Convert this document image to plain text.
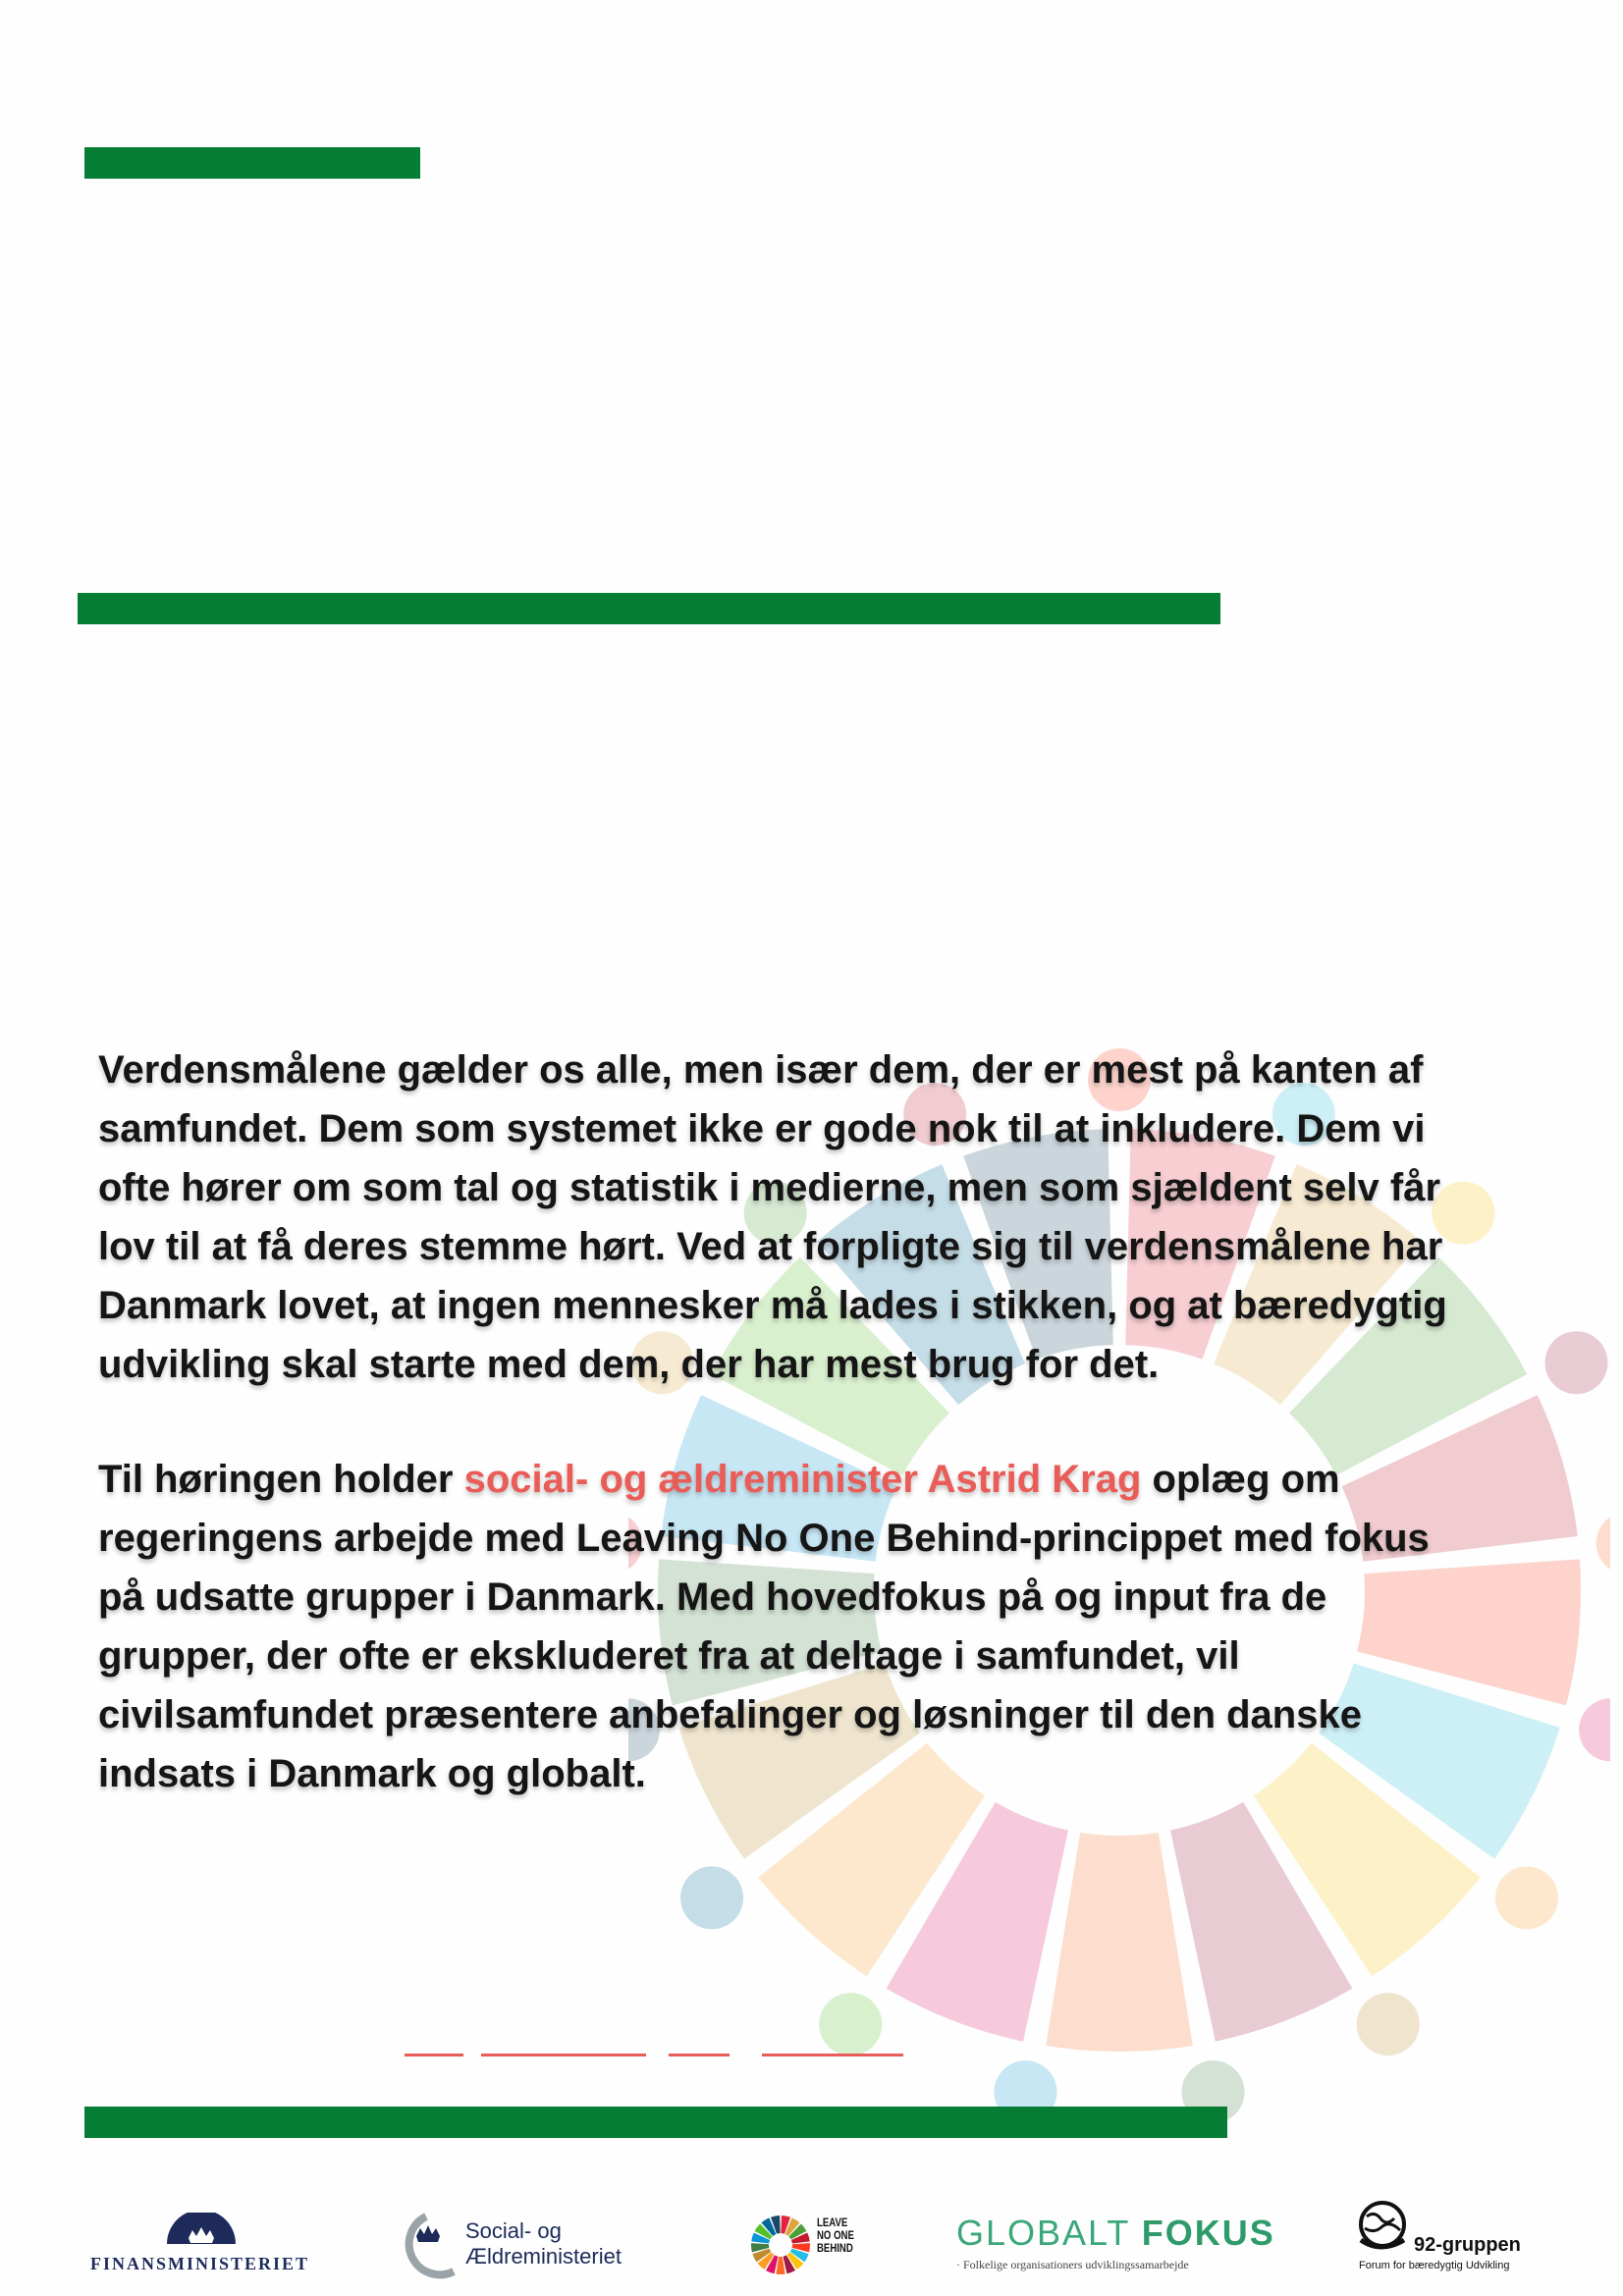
Verdensmålene gælder os alle, men især dem, der er mest på kanten af
samfundet. Dem som systemet ikke er gode nok til at inkludere. Dem vi
ofte hører om som tal og statistik i medierne, men som sjældent selv får
lov til at få deres stemme hørt. Ved at forpligte sig til verdensmålene har
Danmark lovet, at ingen mennesker må lades i stikken, og at bæredygtig
udvikling skal starte med dem, der har mest brug for det.
Til høringen holder social- og ældreminister Astrid Krag oplæg om
regeringens arbejde med Leaving No One Behind-princippet med fokus
på udsatte grupper i Danmark. Med hovedfokus på og input fra de
grupper, der ofte er ekskluderet fra at deltage i samfundet, vil
civilsamfundet præsentere anbefalinger og løsninger til den danske
indsats i Danmark og globalt.
FINANSMINISTERIET
Social- og
Ældreministeriet
LEAVE
NO ONE
BEHIND	GLOBALT FOKUS
· Folkelige organisationers udviklingssamarbejde
92-gruppen
Forum for bæredygtig Udvikling
